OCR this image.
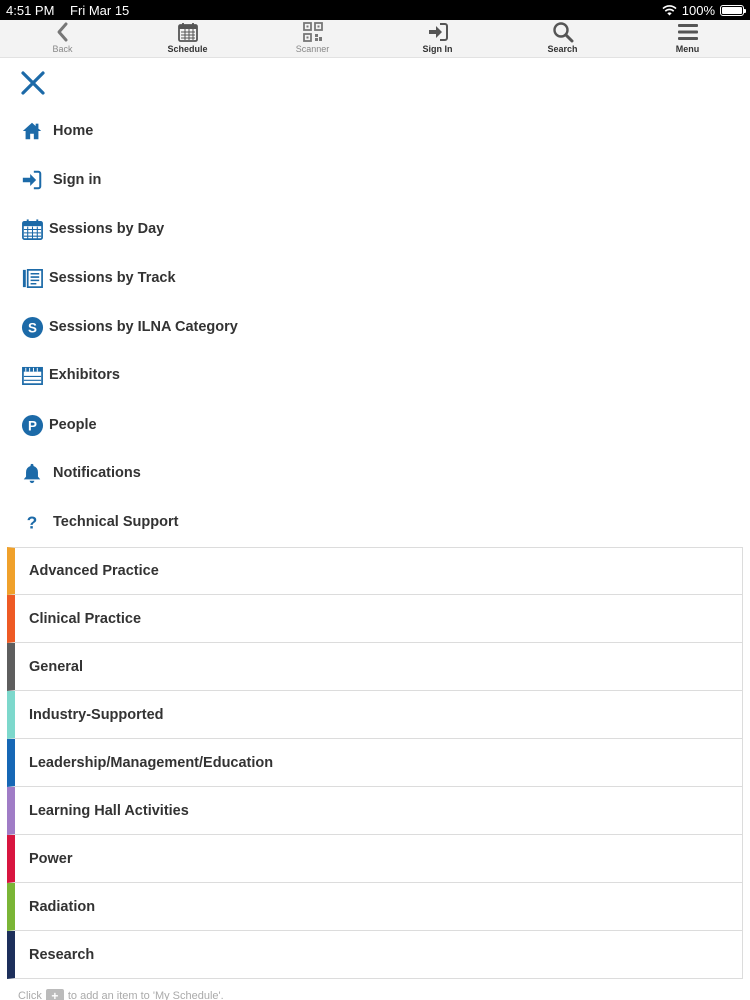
4:51 PM Fri Mar 15	100%
Back	Schedule	Scanner	Sign In	Search	Menu
Home
Sign in
Sessions by Day
Sessions by Track
S Sessions by ILNA Category
Exhibitors
P People
Notifications
? Technical Support
Advanced Practice
Clinical Practice
General
Industry-Supported
Leadership/Management/Education
Learning Hall Activities
Power
Radiation
Research
Click + to add an item to 'My Schedule'.
